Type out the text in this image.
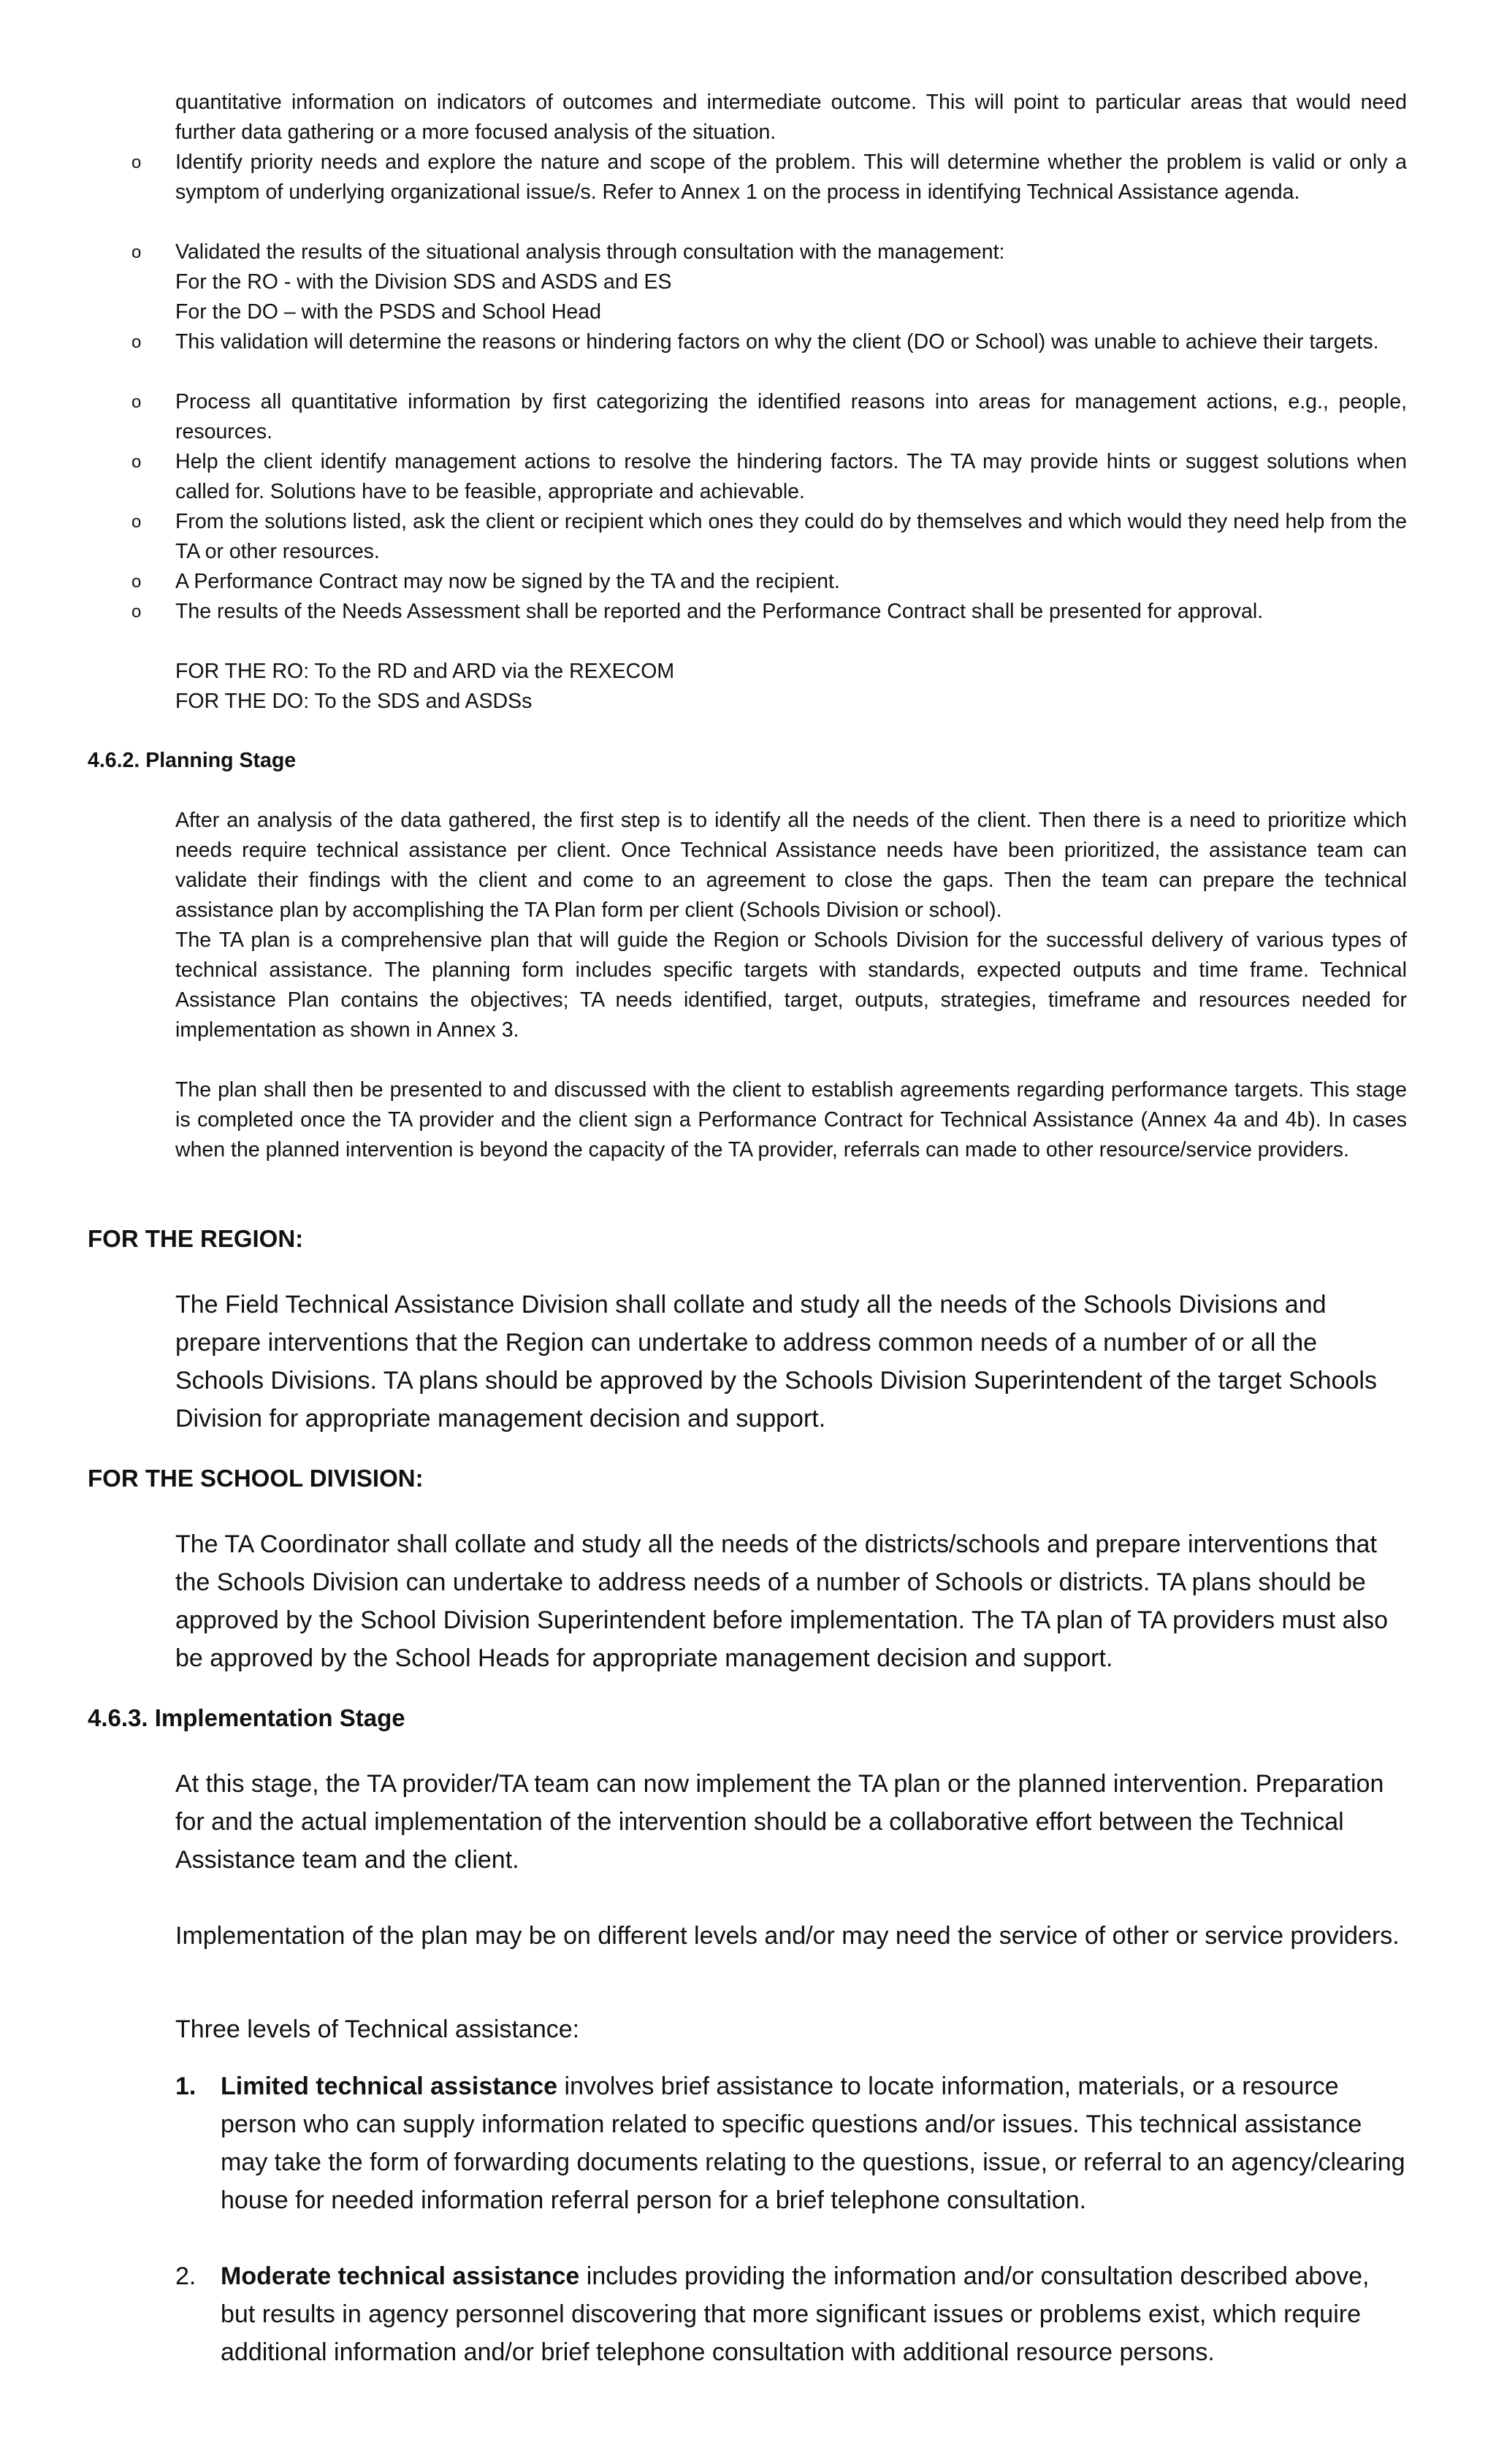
quantitative information on indicators of outcomes and intermediate outcome. This will point to particular areas that would need further data gathering or a more focused analysis of the situation.

o	Identify priority needs and explore the nature and scope of the problem. This will determine whether the problem is valid or only a symptom of underlying organizational issue/s. Refer to Annex 1 on the process in identifying Technical Assistance agenda.

o	Validated the results of the situational analysis through consultation with the management:
For the RO - with the Division SDS and ASDS and ES
For the DO – with the PSDS and School Head
o	This validation will determine the reasons or hindering factors on why the client (DO or School) was unable to achieve their targets.

o	Process all quantitative information by first categorizing the identified reasons into areas for management actions, e.g., people, resources.

o	Help the client identify management actions to resolve the hindering factors. The TA may provide hints or suggest solutions when called for. Solutions have to be feasible, appropriate and achievable.

o	From the solutions listed, ask the client or recipient which ones they could do by themselves and which would they need help from the TA or other resources.

o	A Performance Contract may now be signed by the TA and the recipient.

o	The results of the Needs Assessment shall be reported and the Performance Contract shall be presented for approval.

FOR THE RO: To the RD and ARD via the REXECOM

FOR THE DO: To the SDS and ASDSs

4.6.2. Planning Stage

After an analysis of the data gathered, the first step is to identify all the needs of the client. Then there is a need to prioritize which needs require technical assistance per client. Once Technical Assistance needs have been prioritized, the assistance team can validate their findings with the client and come to an agreement to close the gaps. Then the team can prepare the technical assistance plan by accomplishing the TA Plan form per client (Schools Division or school).

The TA plan is a comprehensive plan that will guide the Region or Schools Division for the successful delivery of various types of technical assistance. The planning form includes specific targets with standards, expected outputs and time frame. Technical Assistance Plan contains the objectives; TA needs identified, target, outputs, strategies, timeframe and resources needed for implementation as shown in Annex 3.

The plan shall then be presented to and discussed with the client to establish agreements regarding performance targets. This stage is completed once the TA provider and the client sign a Performance Contract for Technical Assistance (Annex 4a and 4b). In cases when the planned intervention is beyond the capacity of the TA provider, referrals can made to other resource/service providers.

FOR THE REGION:

The Field Technical Assistance Division shall collate and study all the needs of the Schools Divisions and prepare interventions that the Region can undertake to address common needs of a number of or all the Schools Divisions. TA plans should be approved by the Schools Division Superintendent of the target Schools Division for appropriate management decision and support.

FOR THE SCHOOL DIVISION:

The TA Coordinator shall collate and study all the needs of the districts/schools and prepare interventions that the Schools Division can undertake to address needs of a number of Schools or districts. TA plans should be approved by the School Division Superintendent before implementation. The TA plan of TA providers must also be approved by the School Heads for appropriate management decision and support.

4.6.3. Implementation Stage

At this stage, the TA provider/TA team can now implement the TA plan or the planned intervention. Preparation for and the actual implementation of the intervention should be a collaborative effort between the Technical Assistance team and the client.

Implementation of the plan may be on different levels and/or may need the service of other or service providers.

Three levels of Technical assistance:

1. Limited technical assistance involves brief assistance to locate information, materials, or a resource person who can supply information related to specific questions and/or issues. This technical assistance may take the form of forwarding documents relating to the questions, issue, or referral to an agency/clearing house for needed information referral person for a brief telephone consultation.

2. Moderate technical assistance includes providing the information and/or consultation described above, but results in agency personnel discovering that more significant issues or problems exist, which require additional information and/or brief telephone consultation with additional resource persons.
